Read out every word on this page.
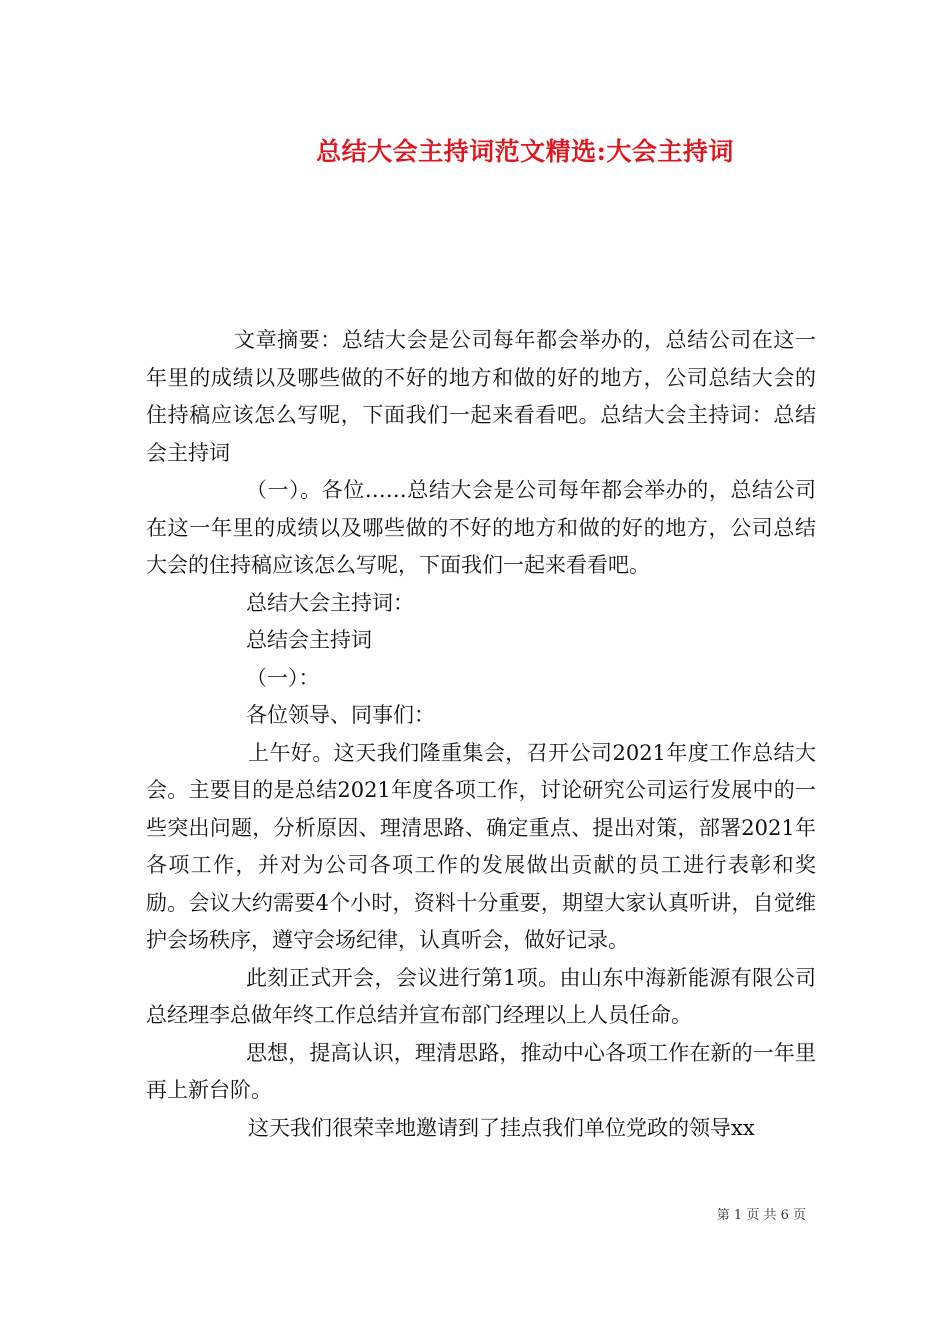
总结大会主持词范文精选:大会主持词

文章摘要：总结大会是公司每年都会举办的，总结公司在这一年里的成绩以及哪些做的不好的地方和做的好的地方，公司总结大会的住持稿应该怎么写呢，下面我们一起来看看吧。总结大会主持词：总结会主持词

（一）。各位……总结大会是公司每年都会举办的，总结公司在这一年里的成绩以及哪些做的不好的地方和做的好的地方，公司总结大会的住持稿应该怎么写呢，下面我们一起来看看吧。

总结大会主持词：

总结会主持词

（一）：

各位领导、同事们：

上午好。这天我们隆重集会，召开公司2021年度工作总结大会。主要目的是总结2021年度各项工作，讨论研究公司运行发展中的一些突出问题，分析原因、理清思路、确定重点、提出对策，部署2021年各项工作，并对为公司各项工作的发展做出贡献的员工进行表彰和奖励。会议大约需要4个小时，资料十分重要，期望大家认真听讲，自觉维护会场秩序，遵守会场纪律，认真听会，做好记录。

此刻正式开会，会议进行第1项。由山东中海新能源有限公司总经理李总做年终工作总结并宣布部门经理以上人员任命。

思想，提高认识，理清思路，推动中心各项工作在新的一年里再上新台阶。

这天我们很荣幸地邀请到了挂点我们单位党政的领导xx

第 1 页 共 6 页
